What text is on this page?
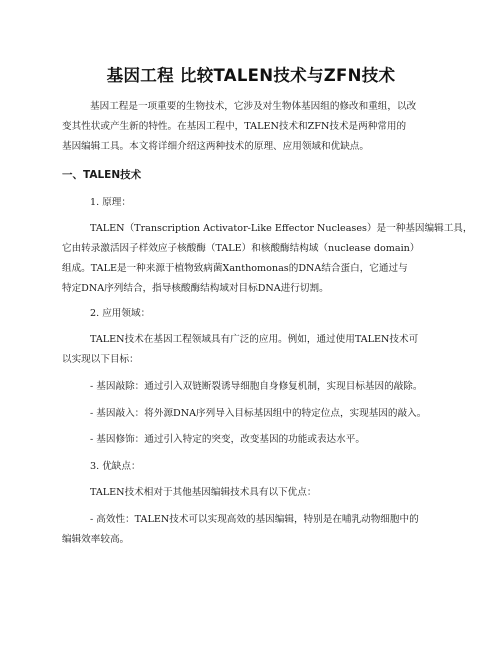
基因工程 比较TALEN技术与ZFN技术
基因工程是一项重要的生物技术，它涉及对生物体基因组的修改和重组，以改
变其性状或产生新的特性。在基因工程中，TALEN技术和ZFN技术是两种常用的
基因编辑工具。本文将详细介绍这两种技术的原理、应用领域和优缺点。
一、TALEN技术
1. 原理：
TALEN（Transcription Activator-Like Effector Nucleases）是一种基因编辑工具，
它由转录激活因子样效应子核酸酶（TALE）和核酸酶结构域（nuclease domain）
组成。TALE是一种来源于植物致病菌Xanthomonas的DNA结合蛋白，它通过与
特定DNA序列结合，指导核酸酶结构域对目标DNA进行切割。
2. 应用领域：
TALEN技术在基因工程领域具有广泛的应用。例如，通过使用TALEN技术可
以实现以下目标：
- 基因敲除：通过引入双链断裂诱导细胞自身修复机制，实现目标基因的敲除。
- 基因敲入：将外源DNA序列导入目标基因组中的特定位点，实现基因的敲入。
- 基因修饰：通过引入特定的突变，改变基因的功能或表达水平。
3. 优缺点：
TALEN技术相对于其他基因编辑技术具有以下优点：
- 高效性：TALEN技术可以实现高效的基因编辑，特别是在哺乳动物细胞中的
编辑效率较高。
